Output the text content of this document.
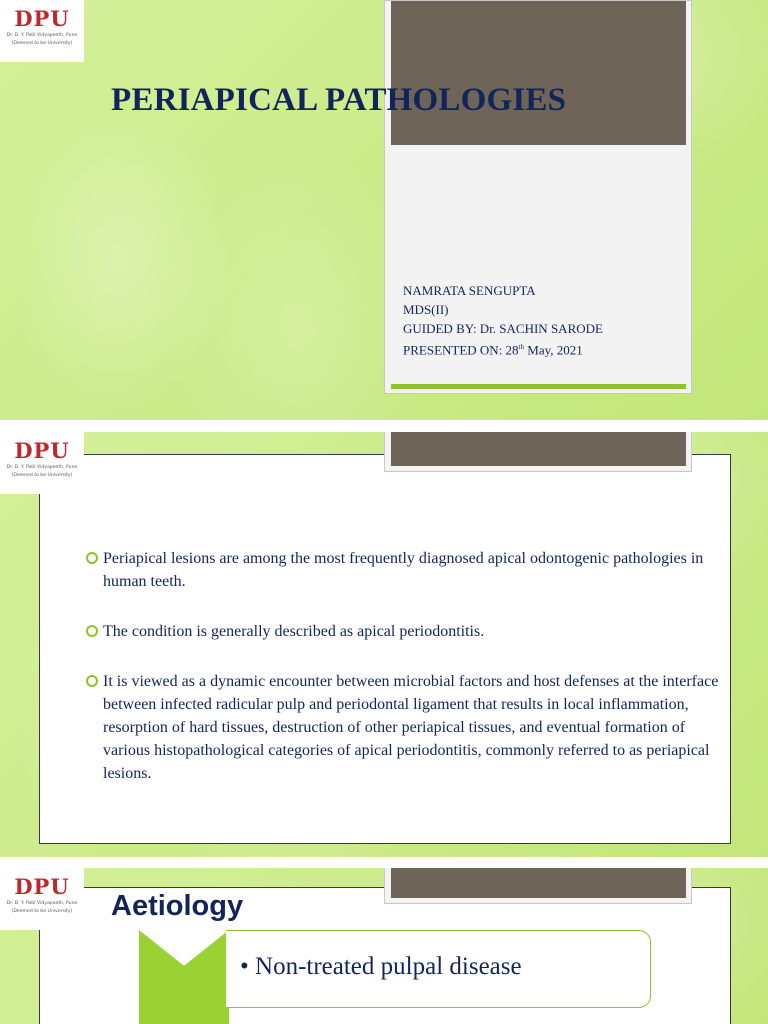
DPU
Dr. D. Y. Patil Vidyapeeth, Pune
(Deemed to be University)
PERIAPICAL PATHOLOGIES
NAMRATA SENGUPTA
MDS(II)
GUIDED BY: Dr. SACHIN SARODE
PRESENTED ON: 28th May, 2021
Periapical lesions are among the most frequently diagnosed apical odontogenic pathologies in human teeth.
The condition is generally described as apical periodontitis.
It is viewed as a dynamic encounter between microbial factors and host defenses at the interface between infected radicular pulp and periodontal ligament that results in local inflammation, resorption of hard tissues, destruction of other periapical tissues, and eventual formation of various histopathological categories of apical periodontitis, commonly referred to as periapical lesions.
DPU
Dr. D. Y. Patil Vidyapeeth, Pune
(Deemed to be University)
DPU
Dr. D. Y. Patil Vidyapeeth, Pune
(Deemed to be University)	Aetiology
• Non-treated pulpal disease
